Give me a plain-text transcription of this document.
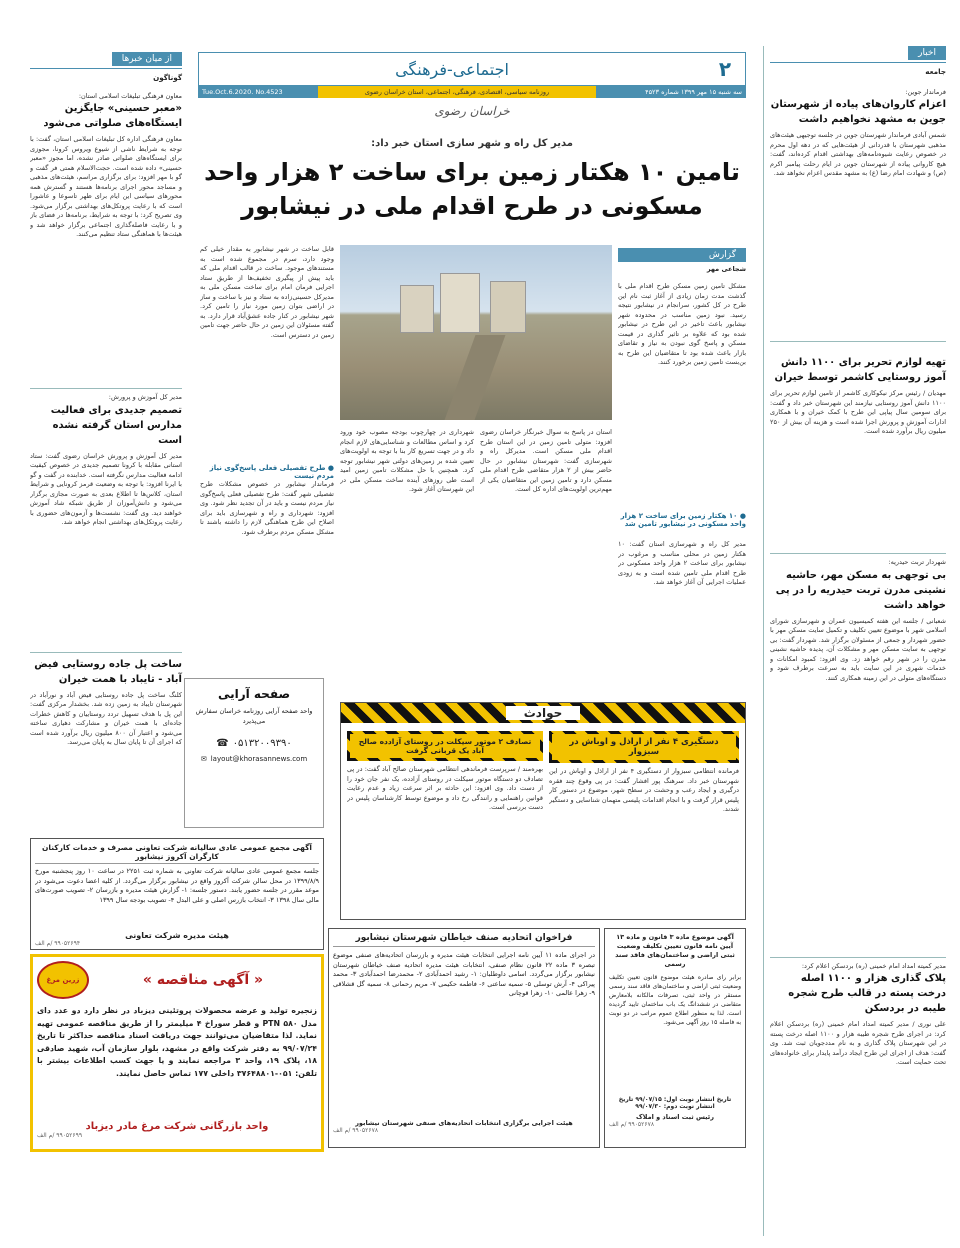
اخبار
جامعه
فرماندار جوین:
اعزام کاروان‌های پیاده از شهرستان جوین به مشهد نخواهیم داشت
شمس آبادی فرماندار شهرستان جوین در جلسه توجیهی هیئت‌های مذهبی شهرستان با قدردانی از هیئت‌هایی که در دهه اول محرم در خصوص رعایت شیوه‌نامه‌های بهداشتی اقدام کرده‌اند، گفت: هیچ کاروانی پیاده از شهرستان جوین در ایام رحلت پیامبر اکرم (ص) و شهادت امام رضا (ع) به مشهد مقدس اعزام نخواهد شد.
تهیه لوازم تحریر برای ۱۱۰۰ دانش آموز روستایی کاشمر توسط خیران
مهدیان / رئیس مرکز نیکوکاری کاشمر از تامین لوازم تحریر برای ۱۱۰۰ دانش آموز روستایی نیازمند این شهرستان خبر داد و گفت: برای سومین سال پیاپی این طرح با کمک خیران و با همکاری ادارات آموزش و پرورش اجرا شده است و هزینه آن بیش از ۲۵۰ میلیون ریال برآورد شده است.
شهردار تربت حیدریه:
بی توجهی به مسکن مهر، حاشیه نشینی مدرن تربت حیدریه را در پی خواهد داشت
شعبانی / جلسه این هفته کمیسیون عمران و شهرسازی شورای اسلامی شهر با موضوع تعیین تکلیف و تکمیل سایت مسکن مهر با حضور شهردار و جمعی از مسئولان برگزار شد. شهردار گفت: بی توجهی به سایت مسکن مهر و مشکلات آن، پدیده حاشیه نشینی مدرن را در شهر رقم خواهد زد. وی افزود: کمبود امکانات و خدمات شهری در این سایت باید به سرعت برطرف شود و دستگاه‌های متولی در این زمینه همکاری کنند.
مدیر کمیته امداد امام خمینی (ره) بردسکن اعلام کرد:
پلاک گذاری هزار و ۱۱۰۰ اصله درخت پسته در قالب طرح شجره طیبه در بردسکن
علی نوری / مدیر کمیته امداد امام خمینی (ره) بردسکن اعلام کرد: در اجرای طرح شجره طیبه هزار و ۱۱۰۰ اصله درخت پسته در این شهرستان پلاک گذاری و به نام مددجویان ثبت شد. وی گفت: هدف از اجرای این طرح ایجاد درآمد پایدار برای خانواده‌های تحت حمایت است.
از میان خبرها
گوناگون
معاون فرهنگی تبلیغات اسلامی استان:
«معبر حسینی» جایگزین ایستگاه‌های صلواتی می‌شود
معاون فرهنگی اداره کل تبلیغات اسلامی استان، گفت: با توجه به شرایط ناشی از شیوع ویروس کرونا، مجوزی برای ایستگاه‌های صلواتی صادر نشده، اما مجوز «معبر حسینی» داده شده است. حجت‌الاسلام همتی فر گفت و گو با مهر افزود: برای برگزاری مراسم، هیئت‌های مذهبی و مساجد محور اجرای برنامه‌ها هستند و گسترش همه محورهای سیاسی این ایام برای ظهر تاسوعا و عاشورا است که با رعایت پروتکل‌های بهداشتی برگزار می‌شود. وی تصریح کرد: با توجه به شرایط، برنامه‌ها در فضای باز و با رعایت فاصله‌گذاری اجتماعی برگزار خواهد شد و هیئت‌ها با هماهنگی ستاد تنظیم می‌کنند.
مدیر کل آموزش و پرورش:
تصمیم جدیدی برای فعالیت مدارس استان گرفته نشده است
مدیر کل آموزش و پرورش خراسان رضوی گفت: ستاد استانی مقابله با کرونا تصمیم جدیدی در خصوص کیفیت ادامه فعالیت مدارس نگرفته است. خدابنده در گفت و گو با ایرنا افزود: با توجه به وضعیت قرمز کرونایی و شرایط استان، کلاس‌ها تا اطلاع بعدی به صورت مجازی برگزار می‌شود و دانش‌آموزان از طریق شبکه شاد آموزش خواهند دید. وی گفت: نشست‌ها و آزمون‌های حضوری با رعایت پروتکل‌های بهداشتی انجام خواهد شد.
ساخت پل جاده روستایی فیض آباد - تایباد با همت خیران
کلنگ ساخت پل جاده روستایی فیض آباد و نورآباد در شهرستان تایباد به زمین زده شد. بخشدار مرکزی گفت: این پل با هدف تسهیل تردد روستاییان و کاهش خطرات جاده‌ای با همت خیران و مشارکت دهیاری ساخته می‌شود و اعتبار آن ۸۰۰ میلیون ریال برآورد شده است که اجرای آن تا پایان سال به پایان می‌رسد.
صفحه آرایی
واحد صفحه آرایی روزنامه خراسان سفارش می‌پذیرد
☎ ۰۵۱۳۲۰۰۹۳۹۰
✉ layout@khorasannews.com
۲
اجتماعی-فرهنگی
سه شنبه ۱۵ مهر ۱۳۹۹ شماره ۴۵۲۳
روزنامه سیاسی، اقتصادی، فرهنگی، اجتماعی، استان خراسان رضوی
Tue.Oct.6.2020. No.4523
خراسان رضوی
مدیر کل راه و شهر سازی استان خبر داد:
تامین ۱۰ هکتار زمین برای ساخت ۲ هزار واحد
مسکونی در طرح اقدام ملی در نیشابور
گزارش
شجاعی مهر
مشکل تامین زمین مسکن طرح اقدام ملی با گذشت مدت زمان زیادی از آغاز ثبت نام این طرح در کل کشور، سرانجام در نیشابور نتیجه رسید. نبود زمین مناسب در محدوده شهر نیشابور باعث تاخیر در این طرح در نیشابور شده بود که علاوه بر تاثیر گذاری در قیمت مسکن و پاسخ گوی نبودن به نیاز و تقاضای بازار باعث شده بود تا متقاضیان این طرح به بن‌بست تامین زمین برخورد کنند.
قابل ساخت در شهر نیشابور به مقدار خیلی کم وجود دارد، سرم در مجموع شده است به مستندهای موجود. ساخت در قالب اقدام ملی که باید پیش از پیگیری تخفیف‌ها از طریق ستاد اجرایی فرمان امام برای ساخت مسکن ملی به مدیرکل حسینی‌زاده به ستاد و نیز با ساخت و ساز در اراضی بتوان زمین مورد نیاز را تامین کرد. شهر نیشابور در کنار جاده عشق‌آباد قرار دارد. به گفته مسئولان این زمین در حال حاضر جهت تامین زمین در دسترس است.
● طرح تفصیلی فعلی پاسخ‌گوی نیاز مردم نیست
فرماندار نیشابور در خصوص مشکلات طرح تفصیلی شهر گفت: طرح تفصیلی فعلی پاسخ‌گوی نیاز مردم نیست و باید در آن تجدید نظر شود. وی افزود: شهرداری و راه و شهرسازی باید برای اصلاح این طرح هماهنگی لازم را داشته باشند تا مشکل مسکن مردم برطرف شود.
شهرداری در چهارچوب بودجه مصوب خود ورود کرد و اساس مطالعات و شناسایی‌های لازم انجام داد و در جهت تسریع کار بنا با توجه به اولویت‌های تعیین شده بر زمین‌های دولتی شهر نیشابور توجه کرد. همچنین با حل مشکلات تامین زمین امید است طی روزهای آینده ساخت مسکن ملی در این شهرستان آغاز شود.
استان در پاسخ به سوال خبرنگار خراسان رضوی افزود: متولی تامین زمین در این استان طرح اقدام ملی مسکن است. مدیرکل راه و شهرسازی گفت: شهرستان نیشابور در حال حاضر بیش از ۲ هزار متقاضی طرح اقدام ملی مسکن دارد و تامین زمین این متقاضیان یکی از مهم‌ترین اولویت‌های اداره کل است.
● ۱۰ هکتار زمین برای ساخت ۲ هزار واحد مسکونی در نیشابور تامین شد
مدیر کل راه و شهرسازی استان گفت: ۱۰ هکتار زمین در محلی مناسب و مرغوب در نیشابور برای ساخت ۲ هزار واحد مسکونی در طرح اقدام ملی تامین شده است و به زودی عملیات اجرایی آن آغاز خواهد شد.
حوادث
دستگیری ۴ نفر از اراذل و اوباش در سبزوار
فرمانده انتظامی سبزوار از دستگیری ۴ نفر از اراذل و اوباش در این شهرستان خبر داد. سرهنگ پور افشار گفت: در پی وقوع چند فقره درگیری و ایجاد رعب و وحشت در سطح شهر، موضوع در دستور کار پلیس قرار گرفت و با انجام اقدامات پلیسی متهمان شناسایی و دستگیر شدند.
تصادف ۲ موتور سیکلت در روستای آزادده صالح آباد یک قربانی گرفت
بهره‌مند / سرپرست فرماندهی انتظامی شهرستان صالح آباد گفت: در پی تصادف دو دستگاه موتور سیکلت در روستای آزادده، یک نفر جان خود را از دست داد. وی افزود: این حادثه بر اثر سرعت زیاد و عدم رعایت قوانین راهنمایی و رانندگی رخ داد و موضوع توسط کارشناسان پلیس در دست بررسی است.
آگهی مجمع عمومی عادی سالیانه شرکت تعاونی مصرف و خدمات کارکنان کارگران آکروز نیشابور
جلسه مجمع عمومی عادی سالیانه شرکت تعاونی به شماره ثبت ۲۲۵۱ در ساعت ۱۰ روز پنجشنبه مورخ ۱۳۹۹/۸/۹ در محل سالن شرکت آکروز واقع در نیشابور برگزار می‌گردد. از کلیه اعضا دعوت می‌شود در موعد مقرر در جلسه حضور یابند. دستور جلسه: ۱- گزارش هیئت مدیره و بازرسان ۲- تصویب صورت‌های مالی سال ۱۳۹۸ ۳- انتخاب بازرس اصلی و علی البدل ۴- تصویب بودجه سال ۱۳۹۹
هیئت مدیره شرکت تعاونی
۹۹۰۵۲۶۹۴ /م الف
« آگهی مناقصه »
زرین مرغ
زنجیره تولید و عرضه محصولات پروتئینی دیزباد در نظر دارد دو عدد دای مدل ۵۸۰ PTN و قطر سوراخ ۴ میلیمتر را از طریق مناقصه عمومی تهیه نماید. لذا متقاضیان می‌توانند جهت دریافت اسناد مناقصه حداکثر تا تاریخ ۹۹/۰۷/۲۴ به دفتر شرکت واقع در مشهد، بلوار سازمان آب، شهید صادقی ۱۸، پلاک ۱۹، واحد ۳ مراجعه نمایند و یا جهت کسب اطلاعات بیشتر با تلفن: ۰۵۱-۳۷۶۴۸۸۰۱ داخلی ۱۷۷ تماس حاصل نمایند.
واحد بازرگانی شرکت مرغ مادر دیزباد
۹۹۰۵۲۶۹۹ /م الف
فراخوان اتحادیه صنف خیاطان شهرستان نیشابور
در اجرای ماده ۱۱ آیین نامه اجرایی انتخابات هیئت مدیره و بازرسان اتحادیه‌های صنفی موضوع تبصره ۳ ماده ۲۲ قانون نظام صنفی، انتخابات هیئت مدیره اتحادیه صنف خیاطان شهرستان نیشابور برگزار می‌گردد. اسامی داوطلبان: ۱- رشید احمدآبادی ۲- محمدرضا احمدآبادی ۳- محمد پیراکی ۴- آرش توسلی ۵- سمیه ساعتی ۶- فاطمه حکیمی ۷- مریم رحمانی ۸- سمیه گل قشلاقی ۹- زهرا عالمی ۱۰- زهرا قوچانی
هیئت اجرایی برگزاری انتخابات اتحادیه‌های صنفی شهرستان نیشابور
۹۹۰۵۲۶۷۸ /م الف
آگهی موضوع ماده ۳ قانون و ماده ۱۳ آیین نامه قانون تعیین تکلیف وضعیت ثبتی اراضی و ساختمان‌های فاقد سند رسمی
برابر رای صادره هیئت موضوع قانون تعیین تکلیف وضعیت ثبتی اراضی و ساختمان‌های فاقد سند رسمی مستقر در واحد ثبتی، تصرفات مالکانه بلامعارض متقاضی در ششدانگ یک باب ساختمان تایید گردیده است. لذا به منظور اطلاع عموم مراتب در دو نوبت به فاصله ۱۵ روز آگهی می‌شود.
تاریخ انتشار نوبت اول: ۹۹/۰۷/۱۵ تاریخ انتشار نوبت دوم: ۹۹/۰۷/۳۰
رئیس ثبت اسناد و املاک
۹۹۰۵۲۶۷۸ /م الف
